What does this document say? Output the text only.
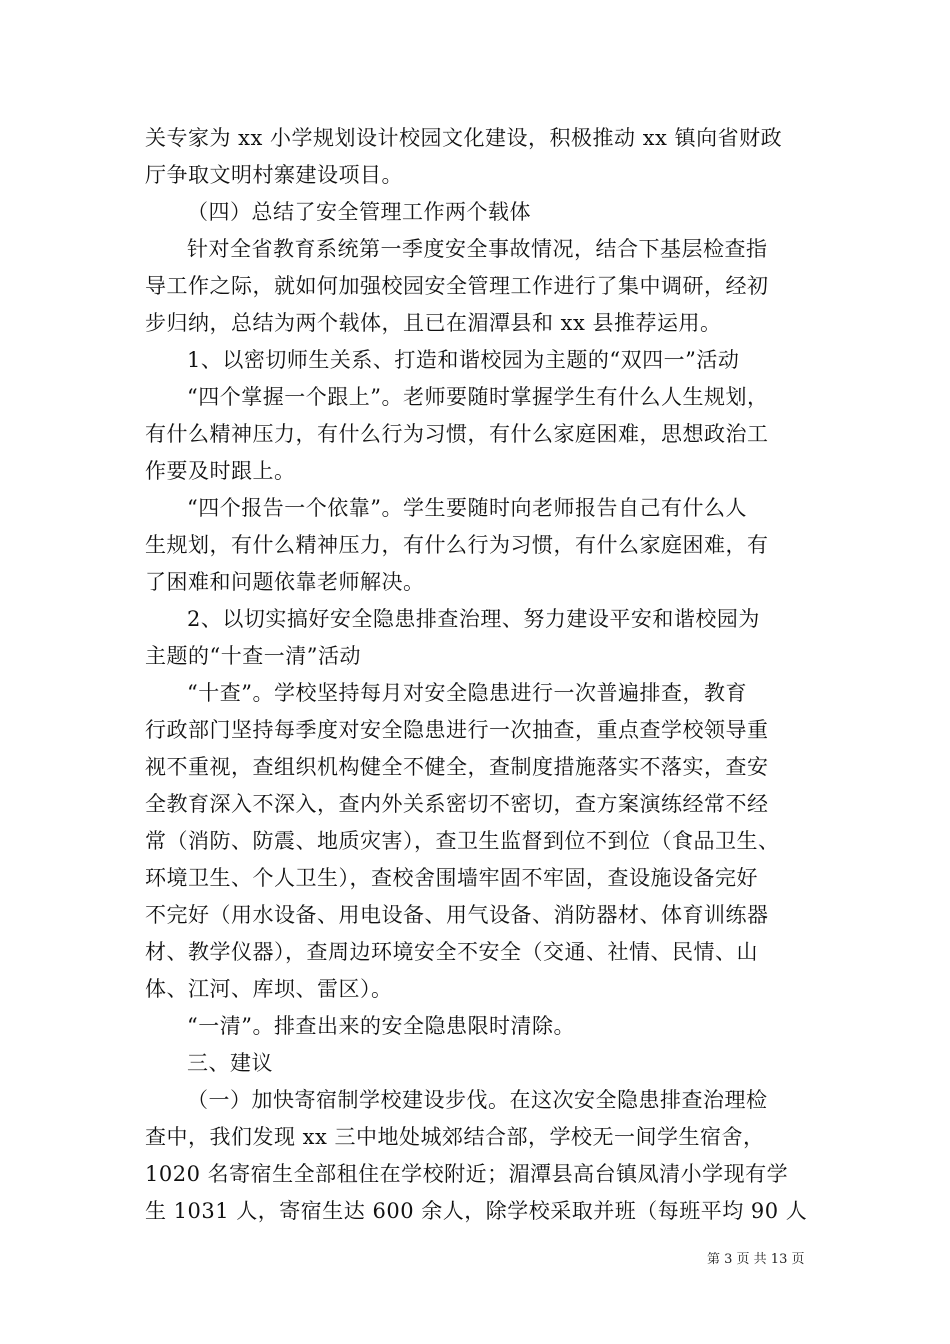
关专家为 xx 小学规划设计校园文化建设，积极推动 xx 镇向省财政
厅争取文明村寨建设项目。
（四）总结了安全管理工作两个载体
针对全省教育系统第一季度安全事故情况，结合下基层检查指
导工作之际，就如何加强校园安全管理工作进行了集中调研，经初
步归纳，总结为两个载体，且已在湄潭县和 xx 县推荐运用。
1、以密切师生关系、打造和谐校园为主题的“双四一”活动
“四个掌握一个跟上”。老师要随时掌握学生有什么人生规划，
有什么精神压力，有什么行为习惯，有什么家庭困难，思想政治工
作要及时跟上。
“四个报告一个依靠”。学生要随时向老师报告自己有什么人
生规划，有什么精神压力，有什么行为习惯，有什么家庭困难，有
了困难和问题依靠老师解决。
2、以切实搞好安全隐患排查治理、努力建设平安和谐校园为
主题的“十查一清”活动
“十查”。学校坚持每月对安全隐患进行一次普遍排查，教育
行政部门坚持每季度对安全隐患进行一次抽查，重点查学校领导重
视不重视，查组织机构健全不健全，查制度措施落实不落实，查安
全教育深入不深入，查内外关系密切不密切，查方案演练经常不经
常（消防、防震、地质灾害），查卫生监督到位不到位（食品卫生、
环境卫生、个人卫生），查校舍围墙牢固不牢固，查设施设备完好
不完好（用水设备、用电设备、用气设备、消防器材、体育训练器
材、教学仪器），查周边环境安全不安全（交通、社情、民情、山
体、江河、库坝、雷区）。
“一清”。排查出来的安全隐患限时清除。
三、建议
（一）加快寄宿制学校建设步伐。在这次安全隐患排查治理检
查中，我们发现 xx 三中地处城郊结合部，学校无一间学生宿舍，
1020 名寄宿生全部租住在学校附近；湄潭县高台镇凤清小学现有学
生 1031 人，寄宿生达 600 余人，除学校采取并班（每班平均 90 人
第 3 页 共 13 页
